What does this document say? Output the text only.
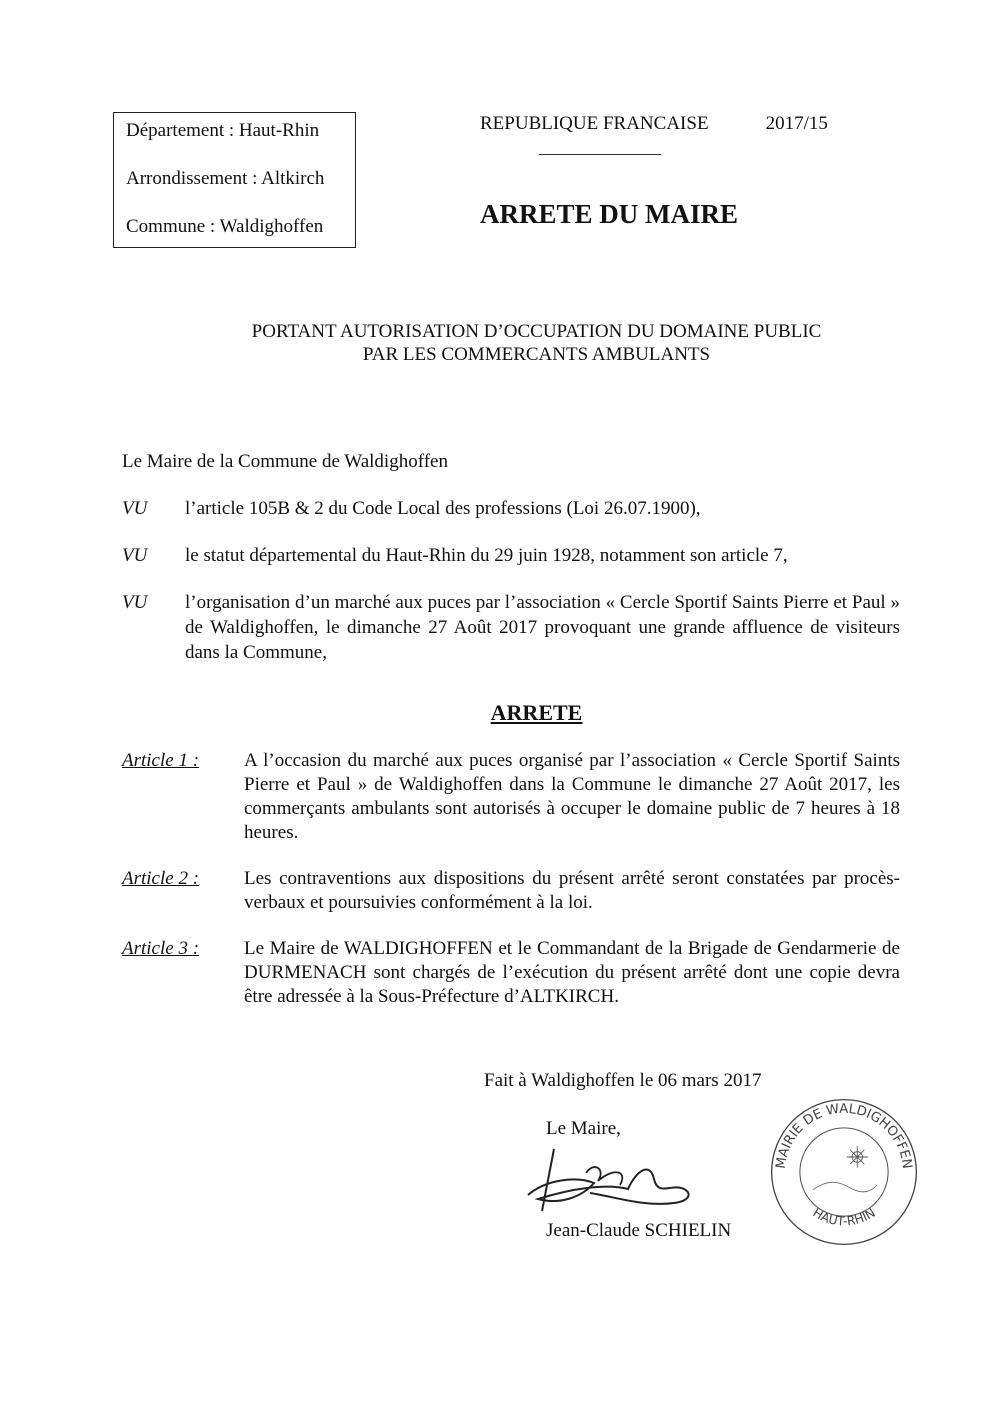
Département : Haut-Rhin
Arrondissement : Altkirch
Commune : Waldighoffen
REPUBLIQUE FRANCAISE	2017/15
ARRETE DU MAIRE
PORTANT AUTORISATION D’OCCUPATION DU DOMAINE PUBLIC
PAR LES COMMERCANTS AMBULANTS
Le Maire de la Commune de Waldighoffen
VU	l’article 105B & 2 du Code Local des professions (Loi 26.07.1900),
VU	le statut départemental du Haut-Rhin du 29 juin 1928, notamment son article 7,
VU	l’organisation d’un marché aux puces par l’association « Cercle Sportif Saints Pierre et Paul » de Waldighoffen, le dimanche 27 Août 2017 provoquant une grande affluence de visiteurs dans la Commune,
ARRETE
Article 1 :	A l’occasion du marché aux puces organisé par l’association « Cercle Sportif Saints Pierre et Paul » de Waldighoffen dans la Commune le dimanche 27 Août 2017, les commerçants ambulants sont autorisés à occuper le domaine public de 7 heures à 18 heures.
Article 2 :	Les contraventions aux dispositions du présent arrêté seront constatées par procès-verbaux et poursuivies conformément à la loi.
Article 3 :	Le Maire de WALDIGHOFFEN et le Commandant de la Brigade de Gendarmerie de DURMENACH sont chargés de l’exécution du présent arrêté dont une copie devra être adressée à la Sous-Préfecture d’ALTKIRCH.
Fait à Waldighoffen le 06 mars 2017
Le Maire,
Jean-Claude SCHIELIN
MAIRIE DE WALDIGHOFFEN
HAUT-RHIN
